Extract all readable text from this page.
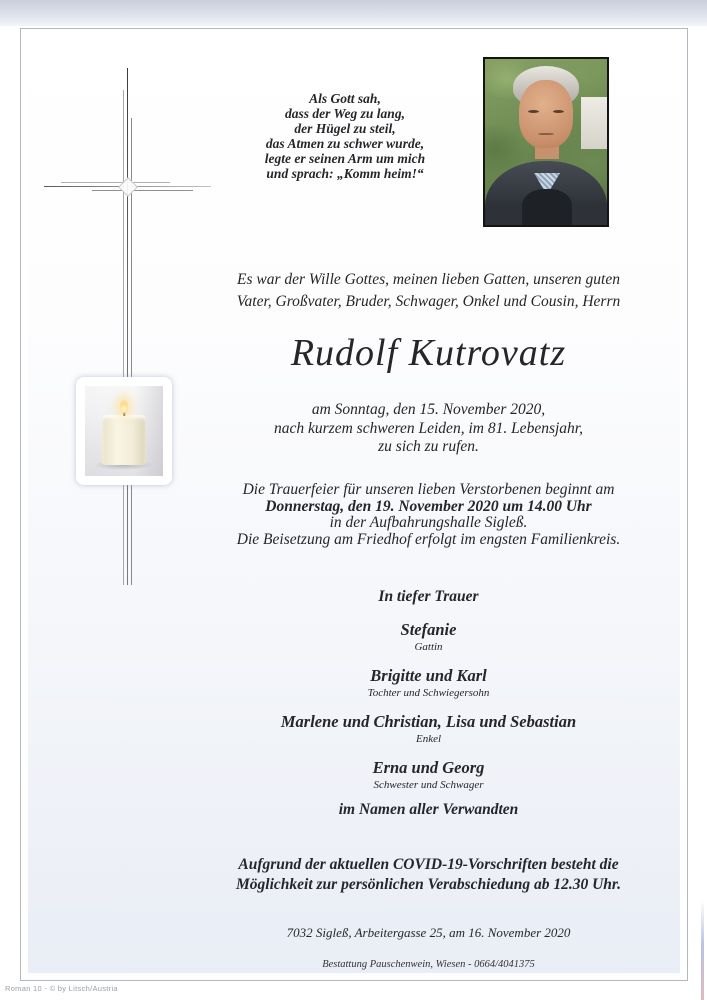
Als Gott sah,
dass der Weg zu lang,
der Hügel zu steil,
das Atmen zu schwer wurde,
legte er seinen Arm um mich
und sprach: „Komm heim!“
Es war der Wille Gottes, meinen lieben Gatten, unseren guten
Vater, Großvater, Bruder, Schwager, Onkel und Cousin, Herrn
Rudolf Kutrovatz
am Sonntag, den 15. November 2020,
nach kurzem schweren Leiden, im 81. Lebensjahr,
zu sich zu rufen.
Die Trauerfeier für unseren lieben Verstorbenen beginnt am
Donnerstag, den 19. November 2020 um 14.00 Uhr
in der Aufbahrungshalle Sigleß.
Die Beisetzung am Friedhof erfolgt im engsten Familienkreis.
In tiefer Trauer
Stefanie
Gattin
Brigitte und Karl
Tochter und Schwiegersohn
Marlene und Christian, Lisa und Sebastian
Enkel
Erna und Georg
Schwester und Schwager
im Namen aller Verwandten
Aufgrund der aktuellen COVID-19-Vorschriften besteht die
Möglichkeit zur persönlichen Verabschiedung ab 12.30 Uhr.
7032 Sigleß, Arbeitergasse 25, am 16. November 2020
Bestattung Pauschenwein, Wiesen - 0664/4041375
Roman 10 - © by Litsch/Austria
